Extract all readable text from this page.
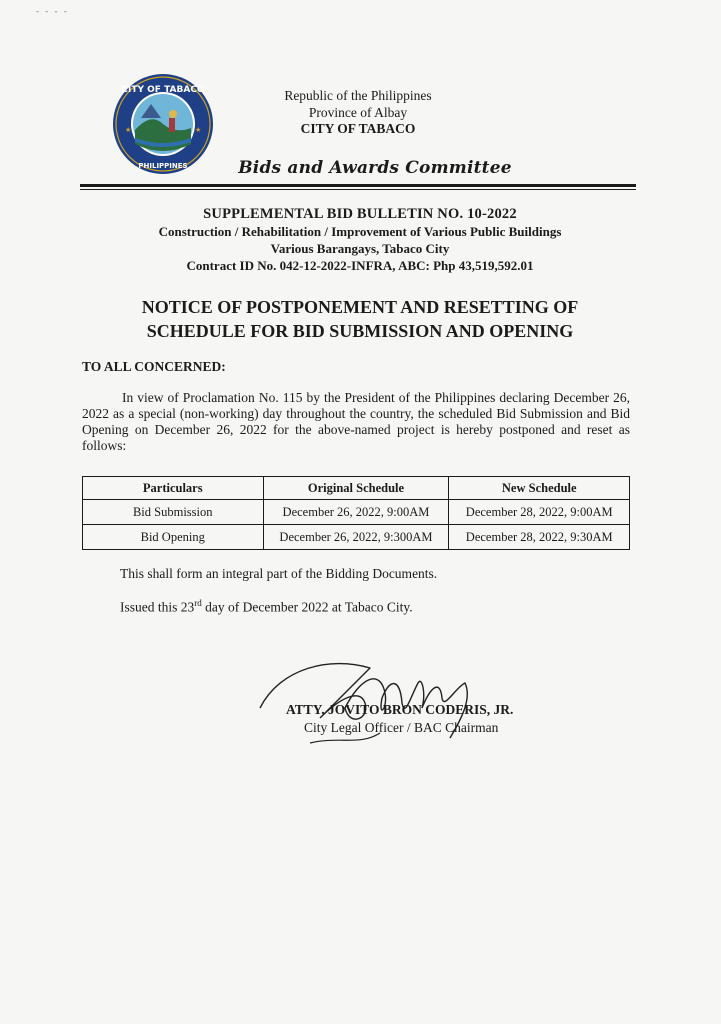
- - - -
CITY OF TABACO
PHILIPPINES
★	★
Republic of the Philippines
Province of Albay
CITY OF TABACO
Bids and Awards Committee
SUPPLEMENTAL BID BULLETIN NO. 10-2022
Construction / Rehabilitation / Improvement of Various Public Buildings
Various Barangays, Tabaco City
Contract ID No. 042-12-2022-INFRA, ABC: Php 43,519,592.01
NOTICE OF POSTPONEMENT AND RESETTING OF
SCHEDULE FOR BID SUBMISSION AND OPENING
TO ALL CONCERNED:
In view of Proclamation No. 115 by the President of the Philippines declaring December 26, 2022 as a special (non-working) day throughout the country, the scheduled Bid Submission and Bid Opening on December 26, 2022 for the above-named project is hereby postponed and reset as follows:
Particulars	Original Schedule	New Schedule
Bid Submission	December 26, 2022, 9:00AM	December 28, 2022, 9:00AM
Bid Opening	December 26, 2022, 9:300AM	December 28, 2022, 9:30AM
This shall form an integral part of the Bidding Documents.
Issued this 23rd day of December 2022 at Tabaco City.
ATTY. JOVITO BRON CODERIS, JR.
City Legal Officer / BAC Chairman
